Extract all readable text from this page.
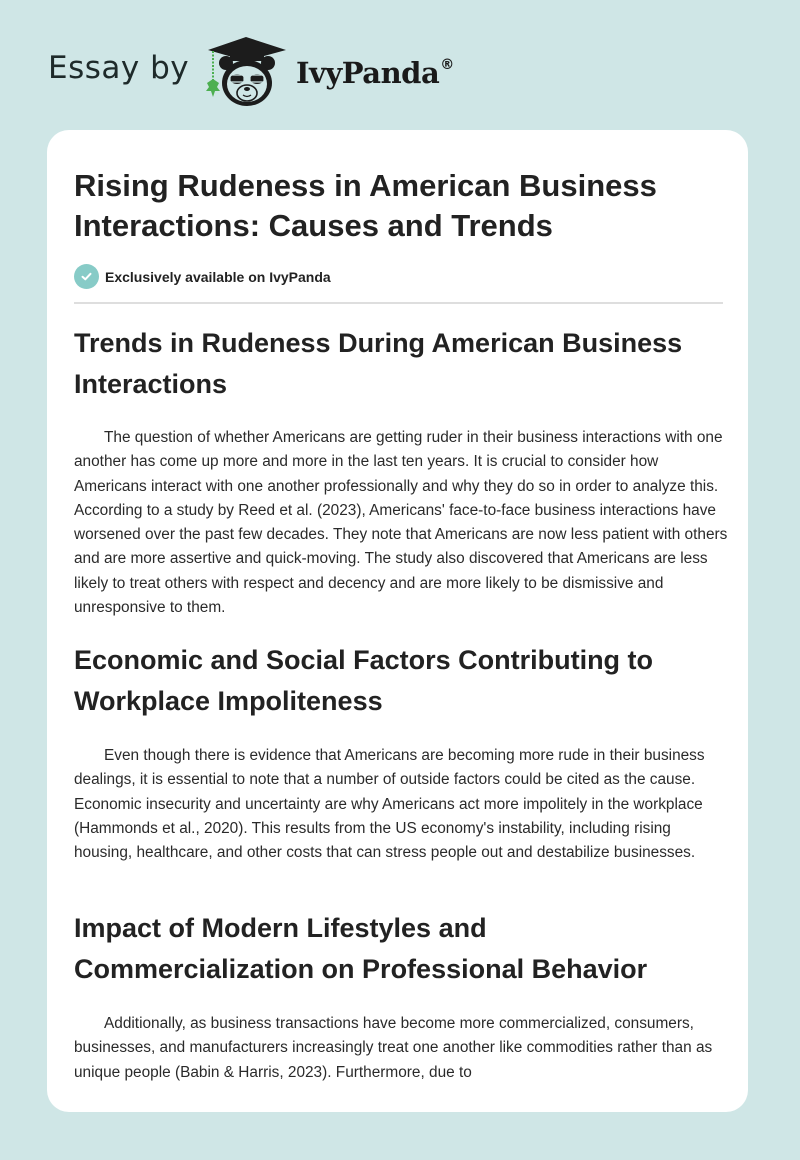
Essay by	IvyPanda®
Rising Rudeness in American Business Interactions: Causes and Trends
Exclusively available on IvyPanda
Trends in Rudeness During American Business Interactions

The question of whether Americans are getting ruder in their business interactions with one another has come up more and more in the last ten years. It is crucial to consider how Americans interact with one another professionally and why they do so in order to analyze this. According to a study by Reed et al. (2023), Americans' face-to-face business interactions have worsened over the past few decades. They note that Americans are now less patient with others and are more assertive and quick-moving. The study also discovered that Americans are less likely to treat others with respect and decency and are more likely to be dismissive and unresponsive to them.

Economic and Social Factors Contributing to Workplace Impoliteness

Even though there is evidence that Americans are becoming more rude in their business dealings, it is essential to note that a number of outside factors could be cited as the cause. Economic insecurity and uncertainty are why Americans act more impolitely in the workplace (Hammonds et al., 2020). This results from the US economy's instability, including rising housing, healthcare, and other costs that can stress people out and destabilize businesses.

Impact of Modern Lifestyles and Commercialization on Professional Behavior

Additionally, as business transactions have become more commercialized, consumers, businesses, and manufacturers increasingly treat one another like commodities rather than as unique people (Babin & Harris, 2023). Furthermore, due to
